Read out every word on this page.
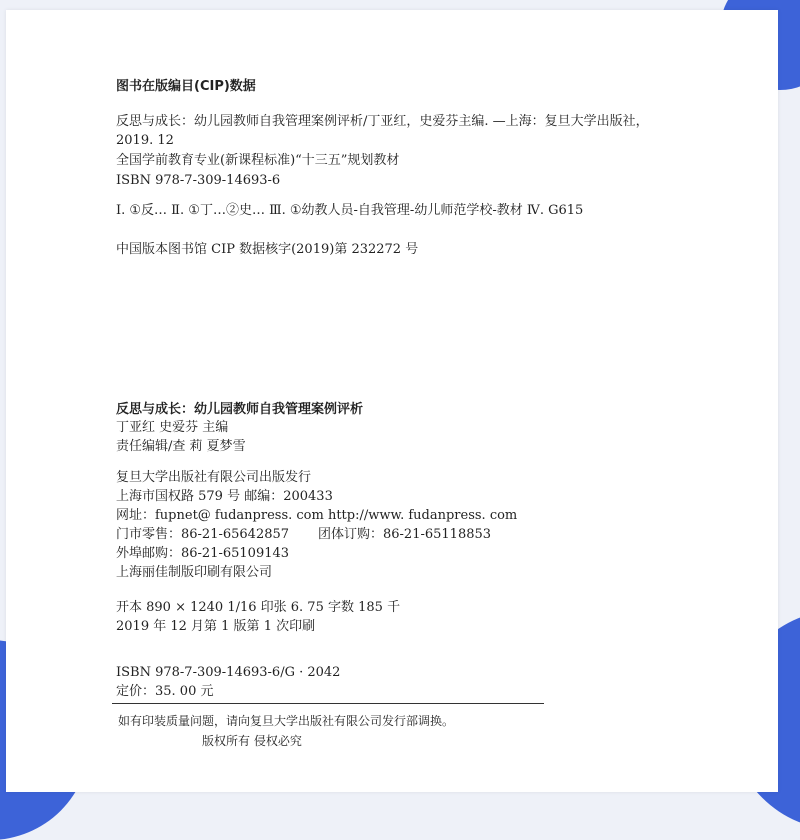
图书在版编目(CIP)数据
反思与成长：幼儿园教师自我管理案例评析/丁亚红，史爱芬主编. —上海：复旦大学出版社，
2019. 12
全国学前教育专业(新课程标准)“十三五”规划教材
ISBN 978-7-309-14693-6
Ⅰ. ①反… Ⅱ. ①丁…②史… Ⅲ. ①幼教人员-自我管理-幼儿师范学校-教材 Ⅳ. G615
中国版本图书馆 CIP 数据核字(2019)第 232272 号
反思与成长：幼儿园教师自我管理案例评析
丁亚红 史爱芬 主编
责任编辑/查 莉 夏梦雪
复旦大学出版社有限公司出版发行
上海市国权路 579 号 邮编：200433
网址：fupnet@ fudanpress. com http://www. fudanpress. com
门市零售：86-21-65642857 团体订购：86-21-65118853
外埠邮购：86-21-65109143
上海丽佳制版印刷有限公司
开本 890 × 1240 1/16 印张 6. 75 字数 185 千
2019 年 12 月第 1 版第 1 次印刷
ISBN 978-7-309-14693-6/G · 2042
定价：35. 00 元
如有印装质量问题，请向复旦大学出版社有限公司发行部调换。
版权所有 侵权必究
